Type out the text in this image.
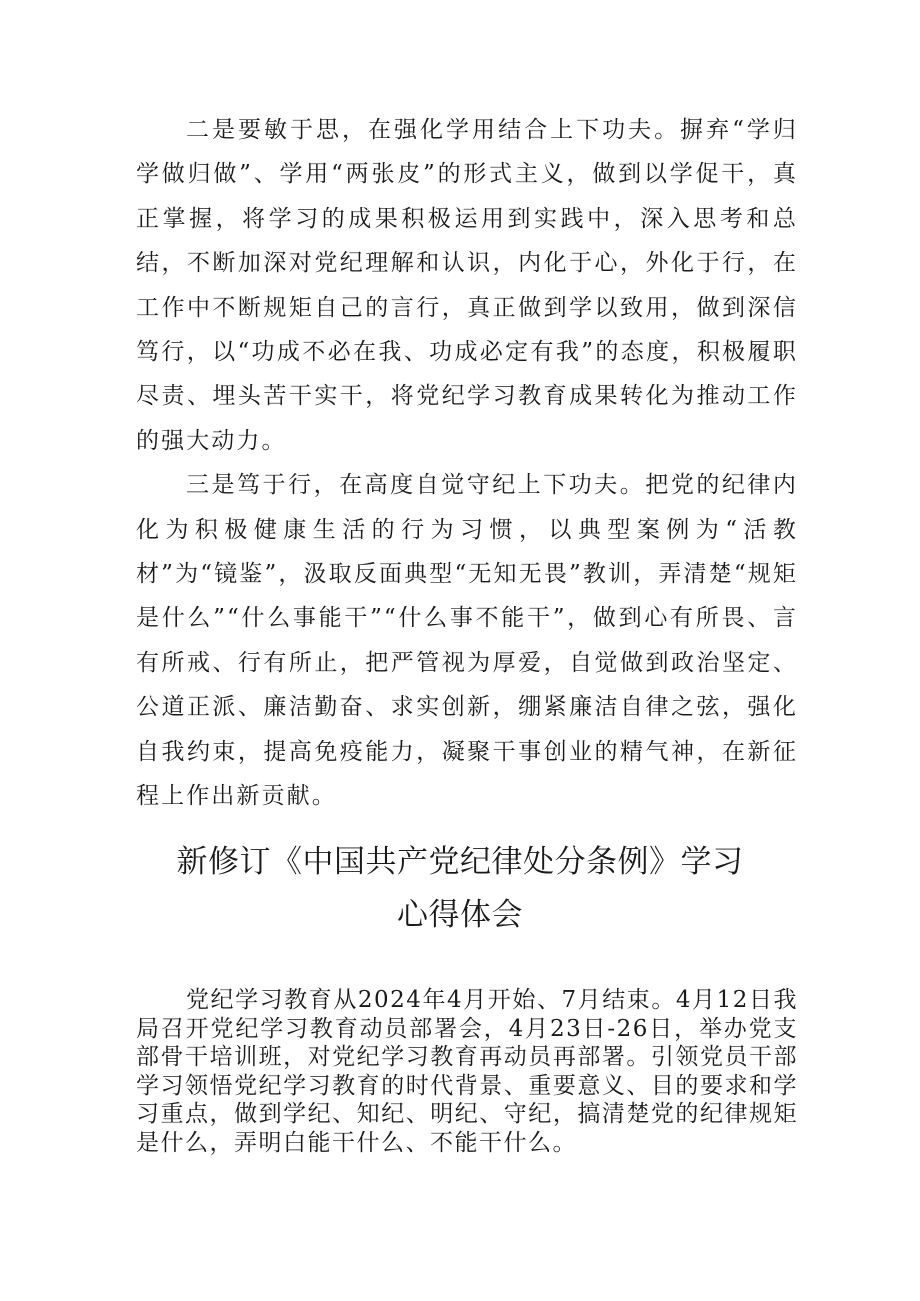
二是要敏于思，在强化学用结合上下功夫。摒弃“学归学做归做”、学用“两张皮”的形式主义，做到以学促干，真正掌握，将学习的成果积极运用到实践中，深入思考和总结，不断加深对党纪理解和认识，内化于心，外化于行，在工作中不断规矩自己的言行，真正做到学以致用，做到深信笃行，以“功成不必在我、功成必定有我”的态度，积极履职尽责、埋头苦干实干，将党纪学习教育成果转化为推动工作的强大动力。

三是笃于行，在高度自觉守纪上下功夫。把党的纪律内化为积极健康生活的行为习惯，以典型案例为“活教材”为“镜鉴”，汲取反面典型“无知无畏”教训，弄清楚“规矩是什么”“什么事能干”“什么事不能干”，做到心有所畏、言有所戒、行有所止，把严管视为厚爱，自觉做到政治坚定、公道正派、廉洁勤奋、求实创新，绷紧廉洁自律之弦，强化自我约束，提高免疫能力，凝聚干事创业的精气神，在新征程上作出新贡献。

新修订《中国共产党纪律处分条例》学习
心得体会

党纪学习教育从2024年4月开始、7月结束。4月12日我局召开党纪学习教育动员部署会，4月23日-26日，举办党支部骨干培训班，对党纪学习教育再动员再部署。引领党员干部学习领悟党纪学习教育的时代背景、重要意义、目的要求和学习重点，做到学纪、知纪、明纪、守纪，搞清楚党的纪律规矩是什么，弄明白能干什么、不能干什么。
